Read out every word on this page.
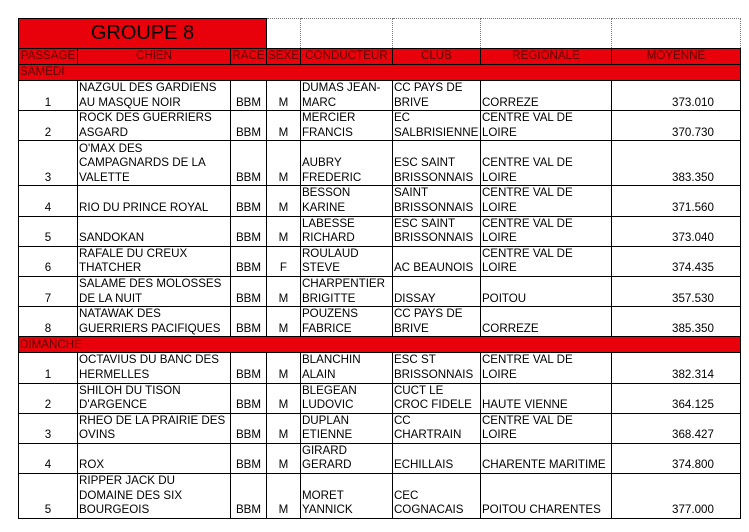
GROUPE 8							
PASSAGE	CHIEN	RACE	SEXE	CONDUCTEUR	CLUB	REGIONALE	MOYENNE
SAMEDI							
1	NAZGUL DES GARDIENS AU MASQUE NOIR	BBM	M	DUMAS JEAN-MARC	CC PAYS DE BRIVE	CORREZE	373.010
2	ROCK DES GUERRIERS ASGARD	BBM	M	MERCIER FRANCIS	EC SALBRISIENNE	CENTRE VAL DE LOIRE	370.730
3	O'MAX DES CAMPAGNARDS DE LA VALETTE	BBM	M	AUBRY FREDERIC	ESC SAINT BRISSONNAIS	CENTRE VAL DE LOIRE	383.350
4	RIO DU PRINCE ROYAL	BBM	M	BESSON KARINE	SAINT BRISSONNAIS	CENTRE VAL DE LOIRE	371.560
5	SANDOKAN	BBM	M	LABESSE RICHARD	ESC SAINT BRISSONNAIS	CENTRE VAL DE LOIRE	373.040
6	RAFALE DU CREUX THATCHER	BBM	F	ROULAUD STEVE	AC BEAUNOIS	CENTRE VAL DE LOIRE	374.435
7	SALAME DES MOLOSSES DE LA NUIT	BBM	M	CHARPENTIER BRIGITTE	DISSAY	POITOU	357.530
8	NATAWAK DES GUERRIERS PACIFIQUES	BBM	M	POUZENS FABRICE	CC PAYS DE BRIVE	CORREZE	385.350
DIMANCHE							
1	OCTAVIUS DU BANC DES HERMELLES	BBM	M	BLANCHIN ALAIN	ESC ST BRISSONNAIS	CENTRE VAL DE LOIRE	382.314
2	SHILOH DU TISON D'ARGENCE	BBM	M	BLEGEAN LUDOVIC	CUCT LE CROC FIDELE	HAUTE VIENNE	364.125
3	RHEO DE LA PRAIRIE DES OVINS	BBM	M	DUPLAN ETIENNE	CC CHARTRAIN	CENTRE VAL DE LOIRE	368.427
4	ROX	BBM	M	GIRARD GERARD	ECHILLAIS	CHARENTE MARITIME	374.800
5	RIPPER JACK DU DOMAINE DES SIX BOURGEOIS	BBM	M	MORET YANNICK	CEC COGNACAIS	POITOU CHARENTES	377.000
